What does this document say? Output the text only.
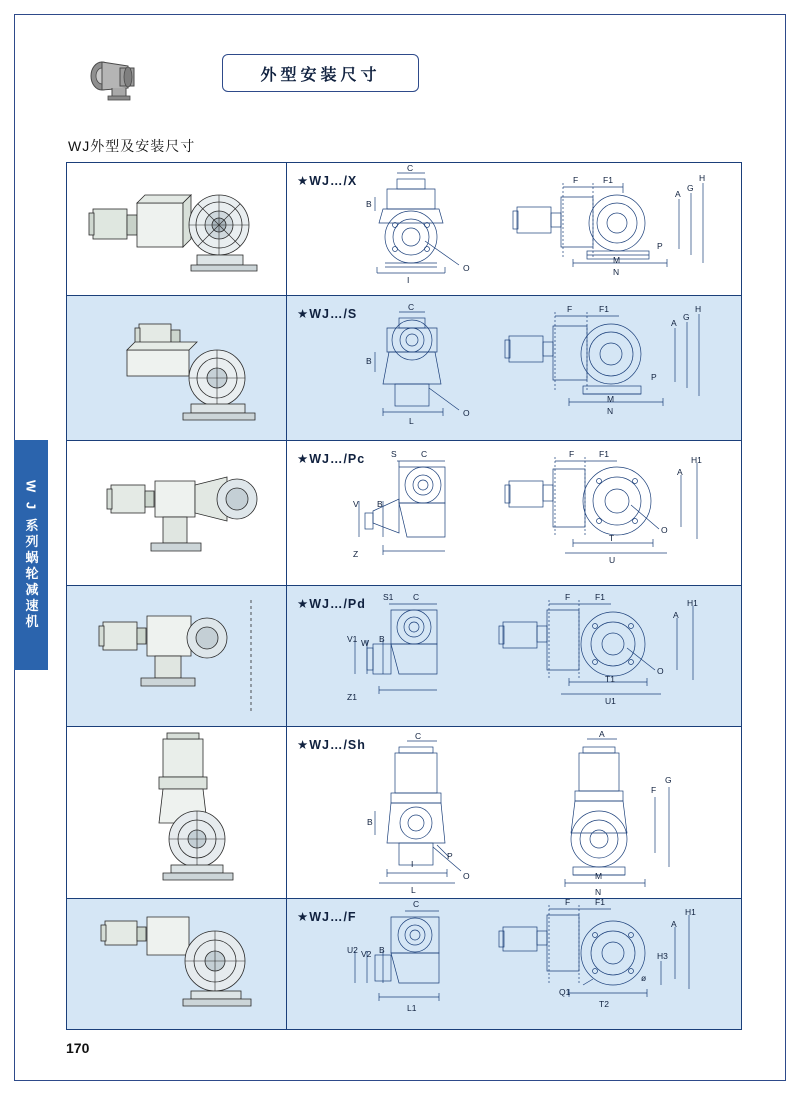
外型安装尺寸
WJ外型及安装尺寸
W J 系列蜗轮减速机
★WJ…/X
C
B
I
O
F	F1
A
G
H
M
N
P
★WJ…/S	C
B
L
O
F	F1
A
G
H
M
N
P
★WJ…/Pc	S	C
V B
Z
F	F1
A
H1
T
U
O
★WJ…/Pd S1 C
V1 W B
Z1
F	F1
A
H1
T1
U1
O
★WJ…/Sh
C
B
L
I
P
O
A
F
G
M
N
★WJ…/F
C
U2 V2 B
L1
F	F1
A
H1
H3
Q1
T2
ø
170
